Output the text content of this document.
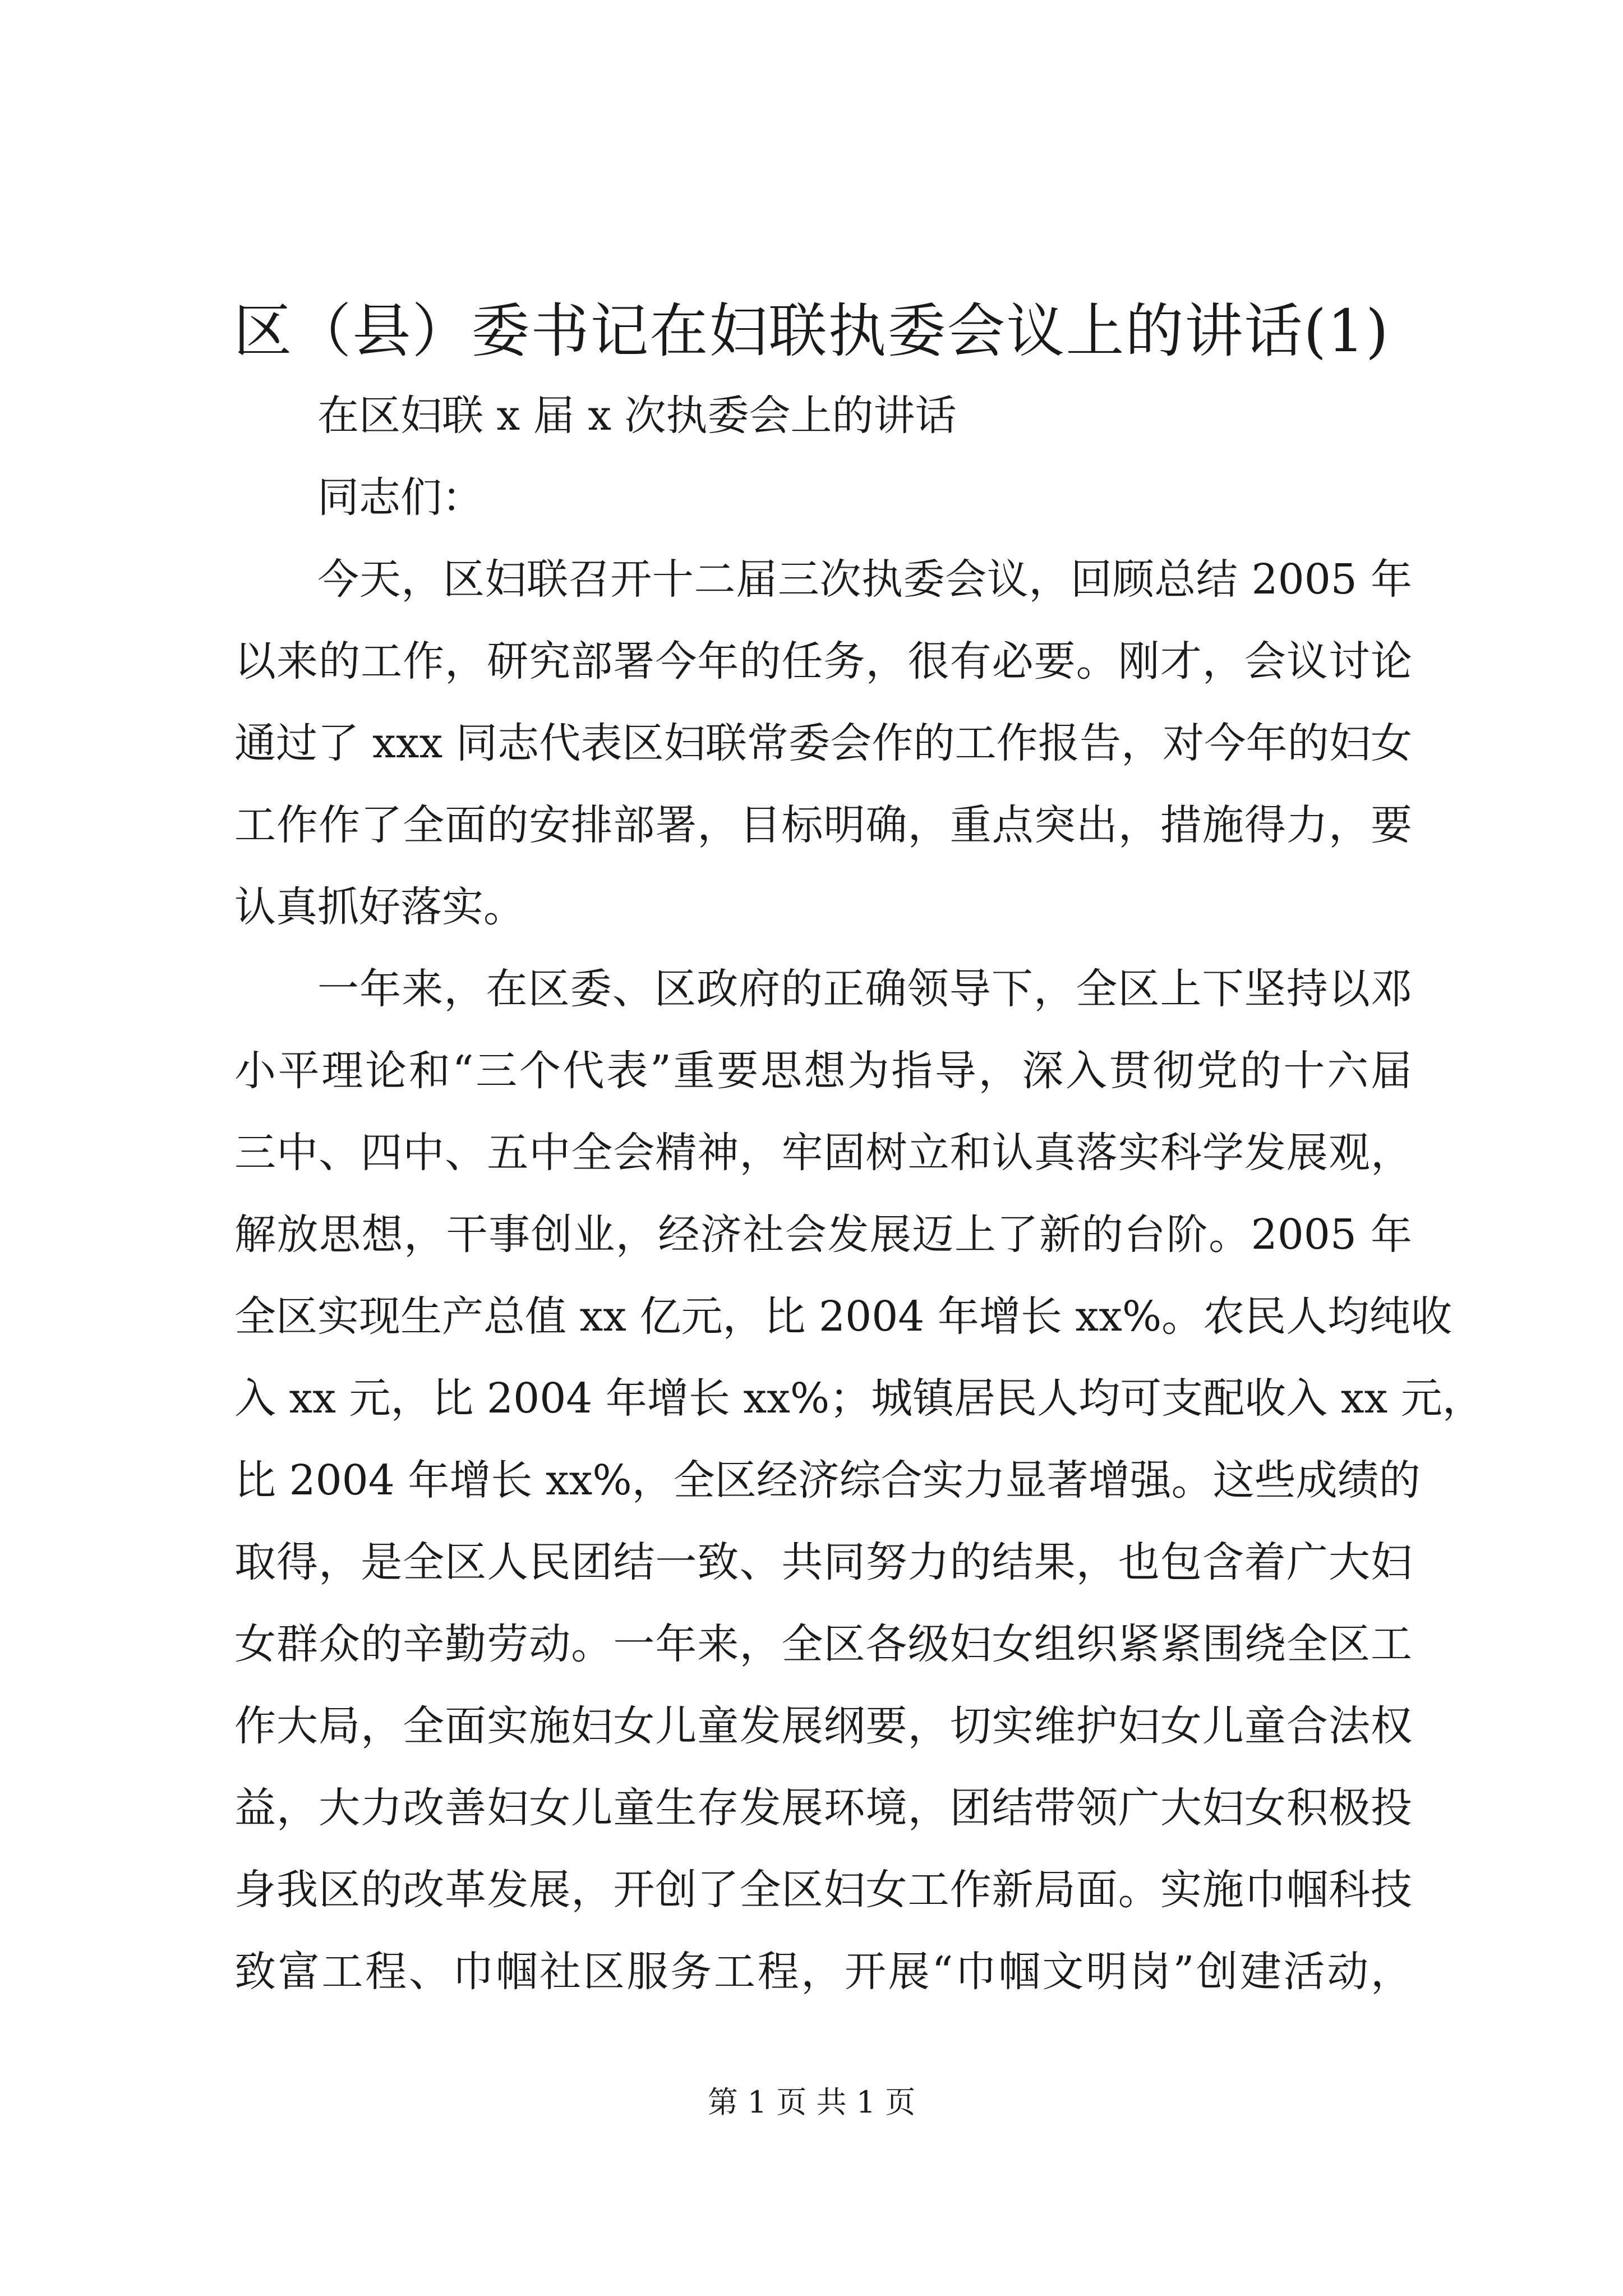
区（县）委书记在妇联执委会议上的讲话(1)
在区妇联 x 届 x 次执委会上的讲话
同志们：
今天，区妇联召开十二届三次执委会议，回顾总结 2005 年
以来的工作，研究部署今年的任务，很有必要。刚才，会议讨论
通过了 xxx 同志代表区妇联常委会作的工作报告，对今年的妇女
工作作了全面的安排部署，目标明确，重点突出，措施得力，要
认真抓好落实。
一年来，在区委、区政府的正确领导下，全区上下坚持以邓
小平理论和“三个代表”重要思想为指导，深入贯彻党的十六届
三中、四中、五中全会精神，牢固树立和认真落实科学发展观，
解放思想，干事创业，经济社会发展迈上了新的台阶。2005 年
全区实现生产总值 xx 亿元，比 2004 年增长 xx%。农民人均纯收
入 xx 元，比 2004 年增长 xx%；城镇居民人均可支配收入 xx 元，
比 2004 年增长 xx%，全区经济综合实力显著增强。这些成绩的
取得，是全区人民团结一致、共同努力的结果，也包含着广大妇
女群众的辛勤劳动。一年来，全区各级妇女组织紧紧围绕全区工
作大局，全面实施妇女儿童发展纲要，切实维护妇女儿童合法权
益，大力改善妇女儿童生存发展环境，团结带领广大妇女积极投
身我区的改革发展，开创了全区妇女工作新局面。实施巾帼科技
致富工程、巾帼社区服务工程，开展“巾帼文明岗”创建活动，
第 1 页 共 1 页
